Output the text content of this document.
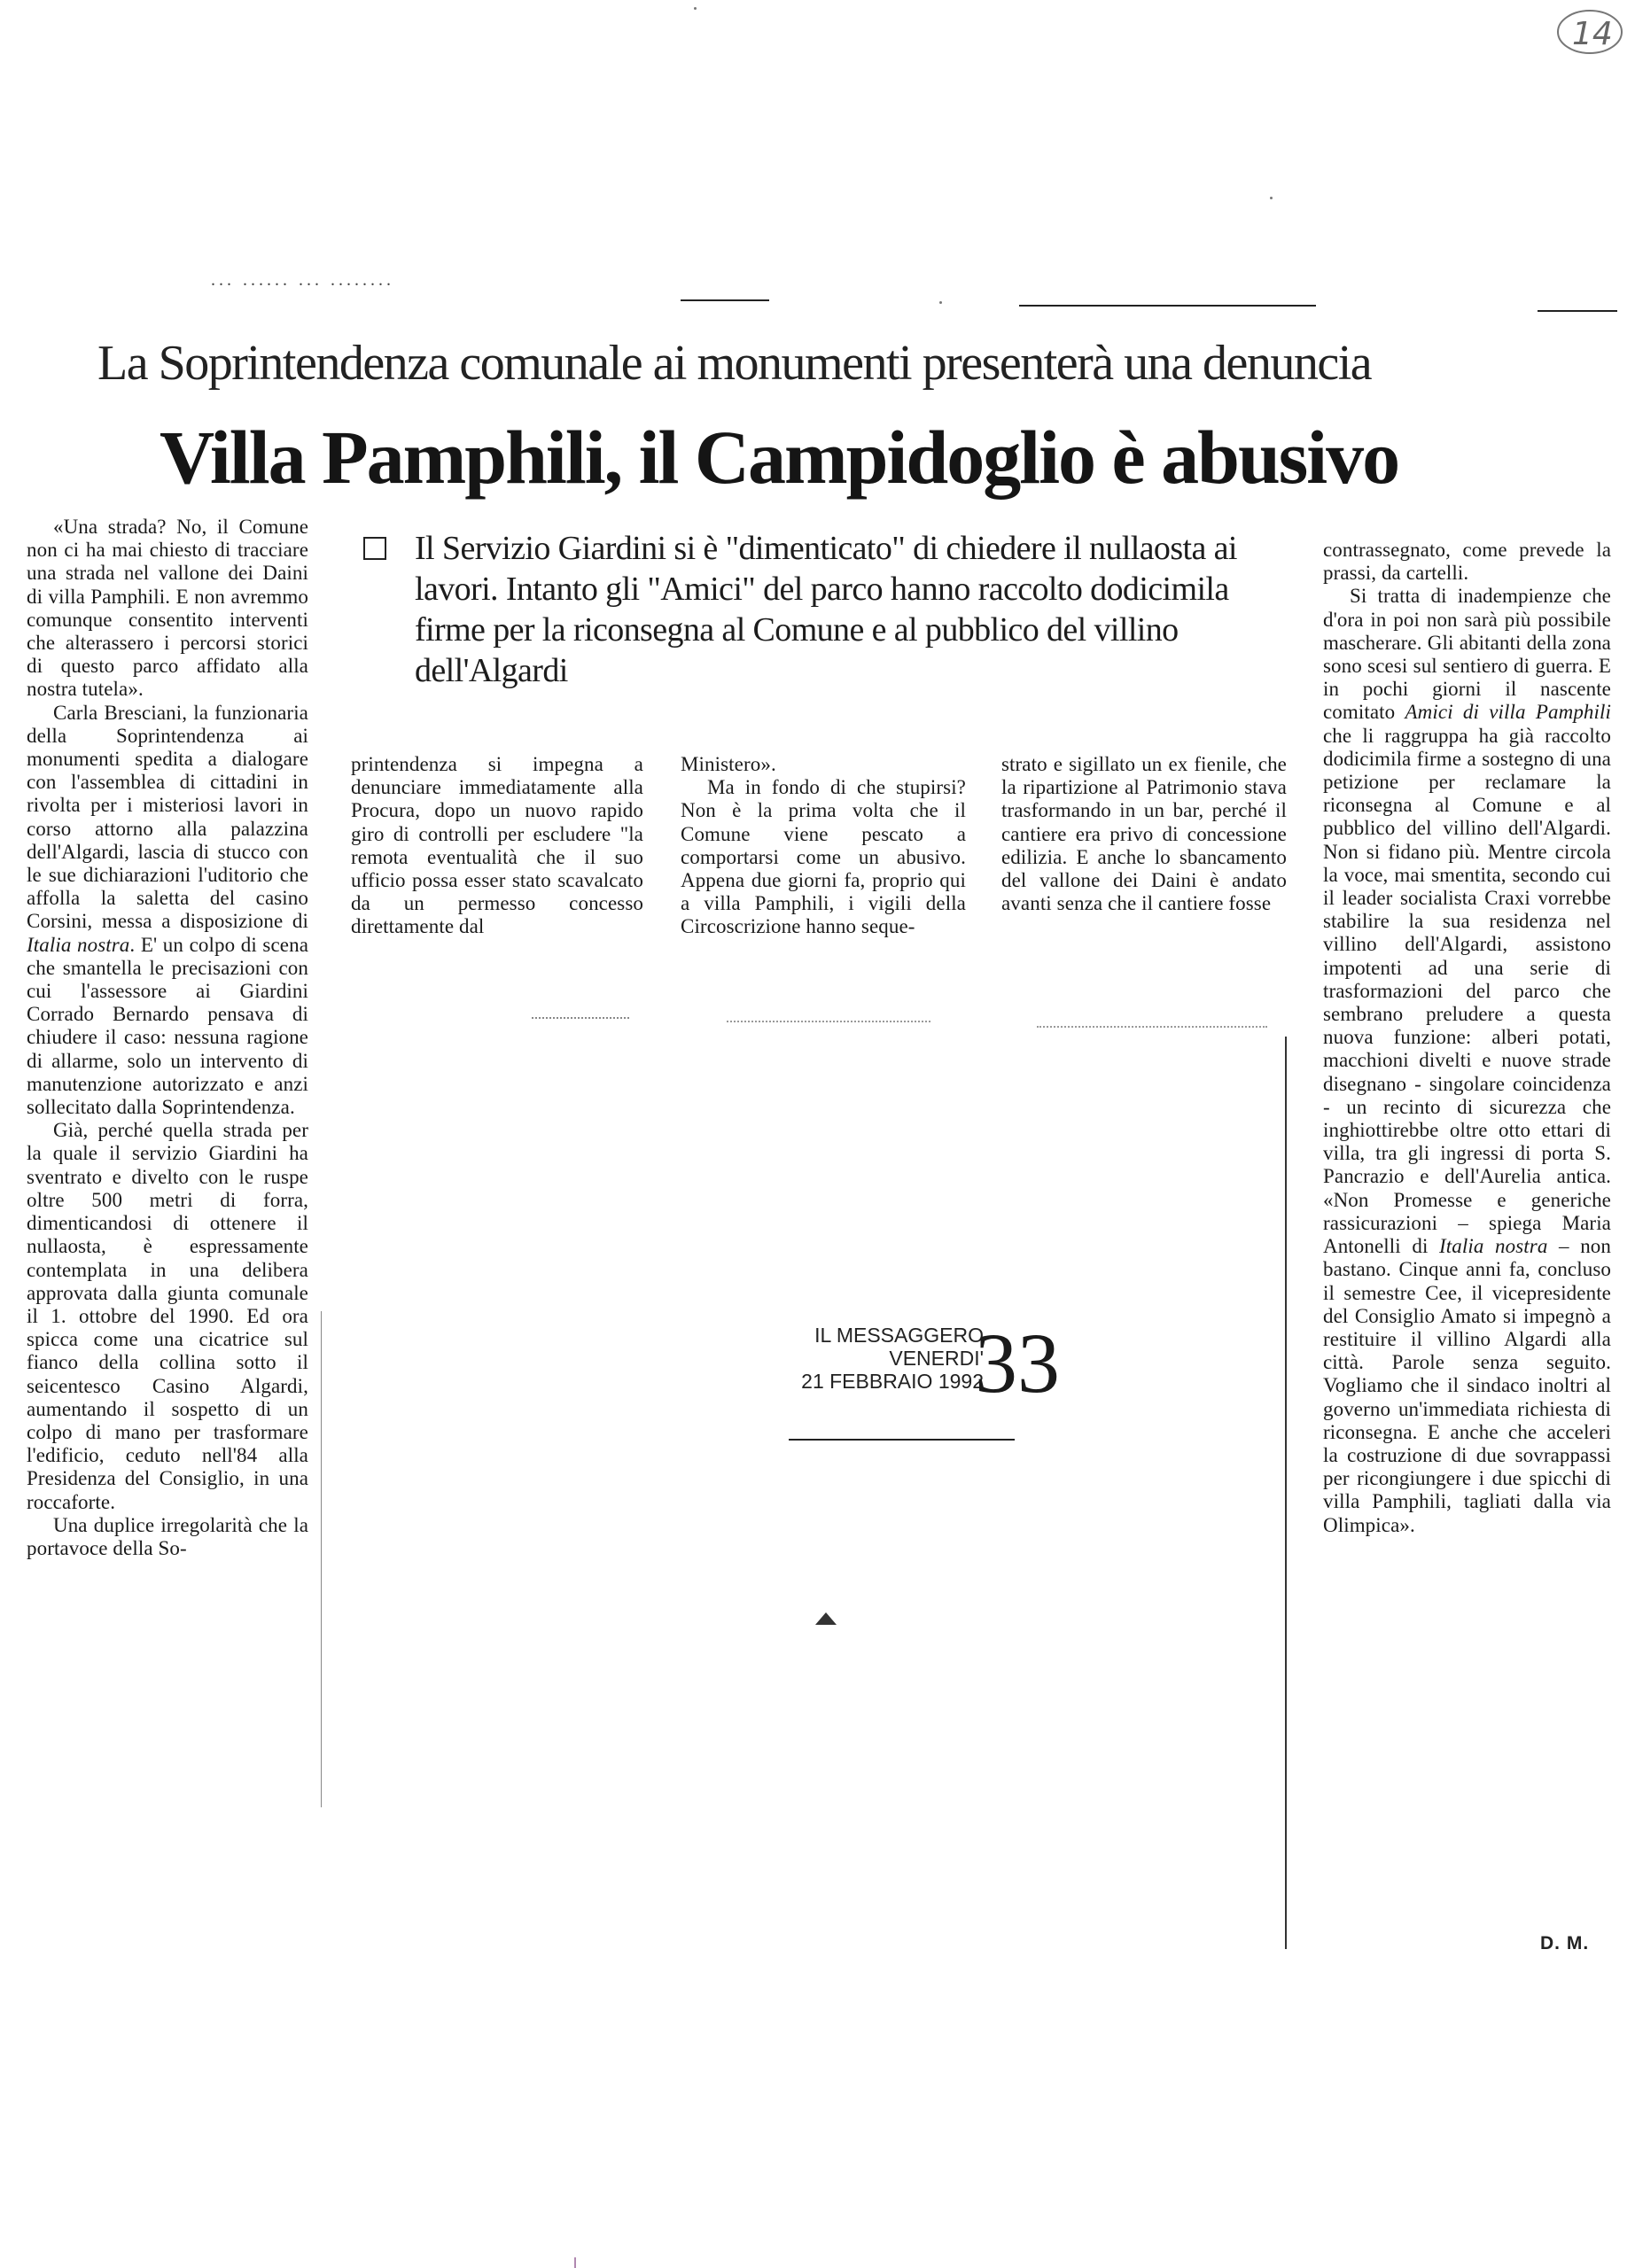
14
... ...... ... ........
La Soprintendenza comunale ai monumenti presenterà una denuncia
Villa Pamphili, il Campidoglio è abusivo
Il Servizio Giardini si è "dimenticato" di chiedere il nullaosta ai lavori. Intanto gli "Amici" del parco hanno raccolto dodicimila firme per la riconsegna al Comune e al pubblico del villino dell'Algardi

«Una strada? No, il Comune non ci ha mai chiesto di tracciare una strada nel vallone dei Daini di villa Pamphili. E non avremmo comunque consentito interventi che alterassero i percorsi storici di questo parco affidato alla nostra tutela».

Carla Bresciani, la funzionaria della Soprintendenza ai monumenti spedita a dialogare con l'assemblea di cittadini in rivolta per i misteriosi lavori in corso attorno alla palazzina dell'Algardi, lascia di stucco con le sue dichiarazioni l'uditorio che affolla la saletta del casino Corsini, messa a disposizione di Italia nostra. E' un colpo di scena che smantella le precisazioni con cui l'assessore ai Giardini Corrado Bernardo pensava di chiudere il caso: nessuna ragione di allarme, solo un intervento di manutenzione autorizzato e anzi sollecitato dalla Soprintendenza.

Già, perché quella strada per la quale il servizio Giardini ha sventrato e divelto con le ruspe oltre 500 metri di forra, dimenticandosi di ottenere il nullaosta, è espressamente contemplata in una delibera approvata dalla giunta comunale il 1. ottobre del 1990. Ed ora spicca come una cicatrice sul fianco della collina sotto il seicentesco Casino Algardi, aumentando il sospetto di un colpo di mano per trasformare l'edificio, ceduto nell'84 alla Presidenza del Consiglio, in una roccaforte.

Una duplice irregolarità che la portavoce della So-

printendenza si impegna a denunciare immediatamente alla Procura, dopo un nuovo rapido giro di controlli per escludere "la remota eventualità che il suo ufficio possa esser stato scavalcato da un permesso concesso direttamente dal

Ministero».

Ma in fondo di che stupirsi? Non è la prima volta che il Comune viene pescato a comportarsi come un abusivo. Appena due giorni fa, proprio qui a villa Pamphili, i vigili della Circoscrizione hanno seque-

strato e sigillato un ex fienile, che la ripartizione al Patrimonio stava trasformando in un bar, perché il cantiere era privo di concessione edilizia. E anche lo sbancamento del vallone dei Daini è andato avanti senza che il cantiere fosse

contrassegnato, come prevede la prassi, da cartelli.

Si tratta di inadempienze che d'ora in poi non sarà più possibile mascherare. Gli abitanti della zona sono scesi sul sentiero di guerra. E in pochi giorni il nascente comitato Amici di villa Pamphili che li raggruppa ha già raccolto dodicimila firme a sostegno di una petizione per reclamare la riconsegna al Comune e al pubblico del villino dell'Algardi. Non si fidano più. Mentre circola la voce, mai smentita, secondo cui il leader socialista Craxi vorrebbe stabilire la sua residenza nel villino dell'Algardi, assistono impotenti ad una serie di trasformazioni del parco che sembrano preludere a questa nuova funzione: alberi potati, macchioni divelti e nuove strade disegnano - singolare coincidenza - un recinto di sicurezza che inghiottirebbe oltre otto ettari di villa, tra gli ingressi di porta S. Pancrazio e dell'Aurelia antica. «Non Promesse e generiche rassicurazioni – spiega Maria Antonelli di Italia nostra – non bastano. Cinque anni fa, concluso il semestre Cee, il vicepresidente del Consiglio Amato si impegnò a restituire il villino Algardi alla città. Parole senza seguito. Vogliamo che il sindaco inoltri al governo un'immediata richiesta di riconsegna. E anche che acceleri la costruzione di due sovrappassi per ricongiungere i due spicchi di villa Pamphili, tagliati dalla via Olimpica».

D. M.
IL MESSAGGERO
VENERDI'
21 FEBBRAIO 1992
33
